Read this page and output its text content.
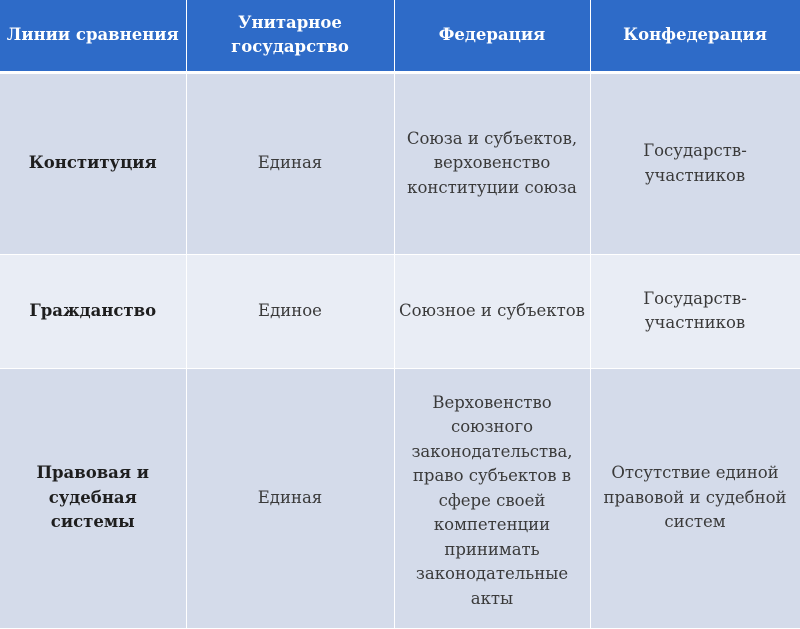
Линии сравнения	Унитарное государство	Федерация	Конфедерация
Конституция	Единая	Союза и субъектов, верховенство конституции союза	Государств-участников
Гражданство	Единое	Союзное и субъектов	Государств-участников
Правовая и судебная системы	Единая	Верховенство союзного законодательства, право субъектов в сфере своей компетенции принимать законодательные акты	Отсутствие единой правовой и судебной систем
